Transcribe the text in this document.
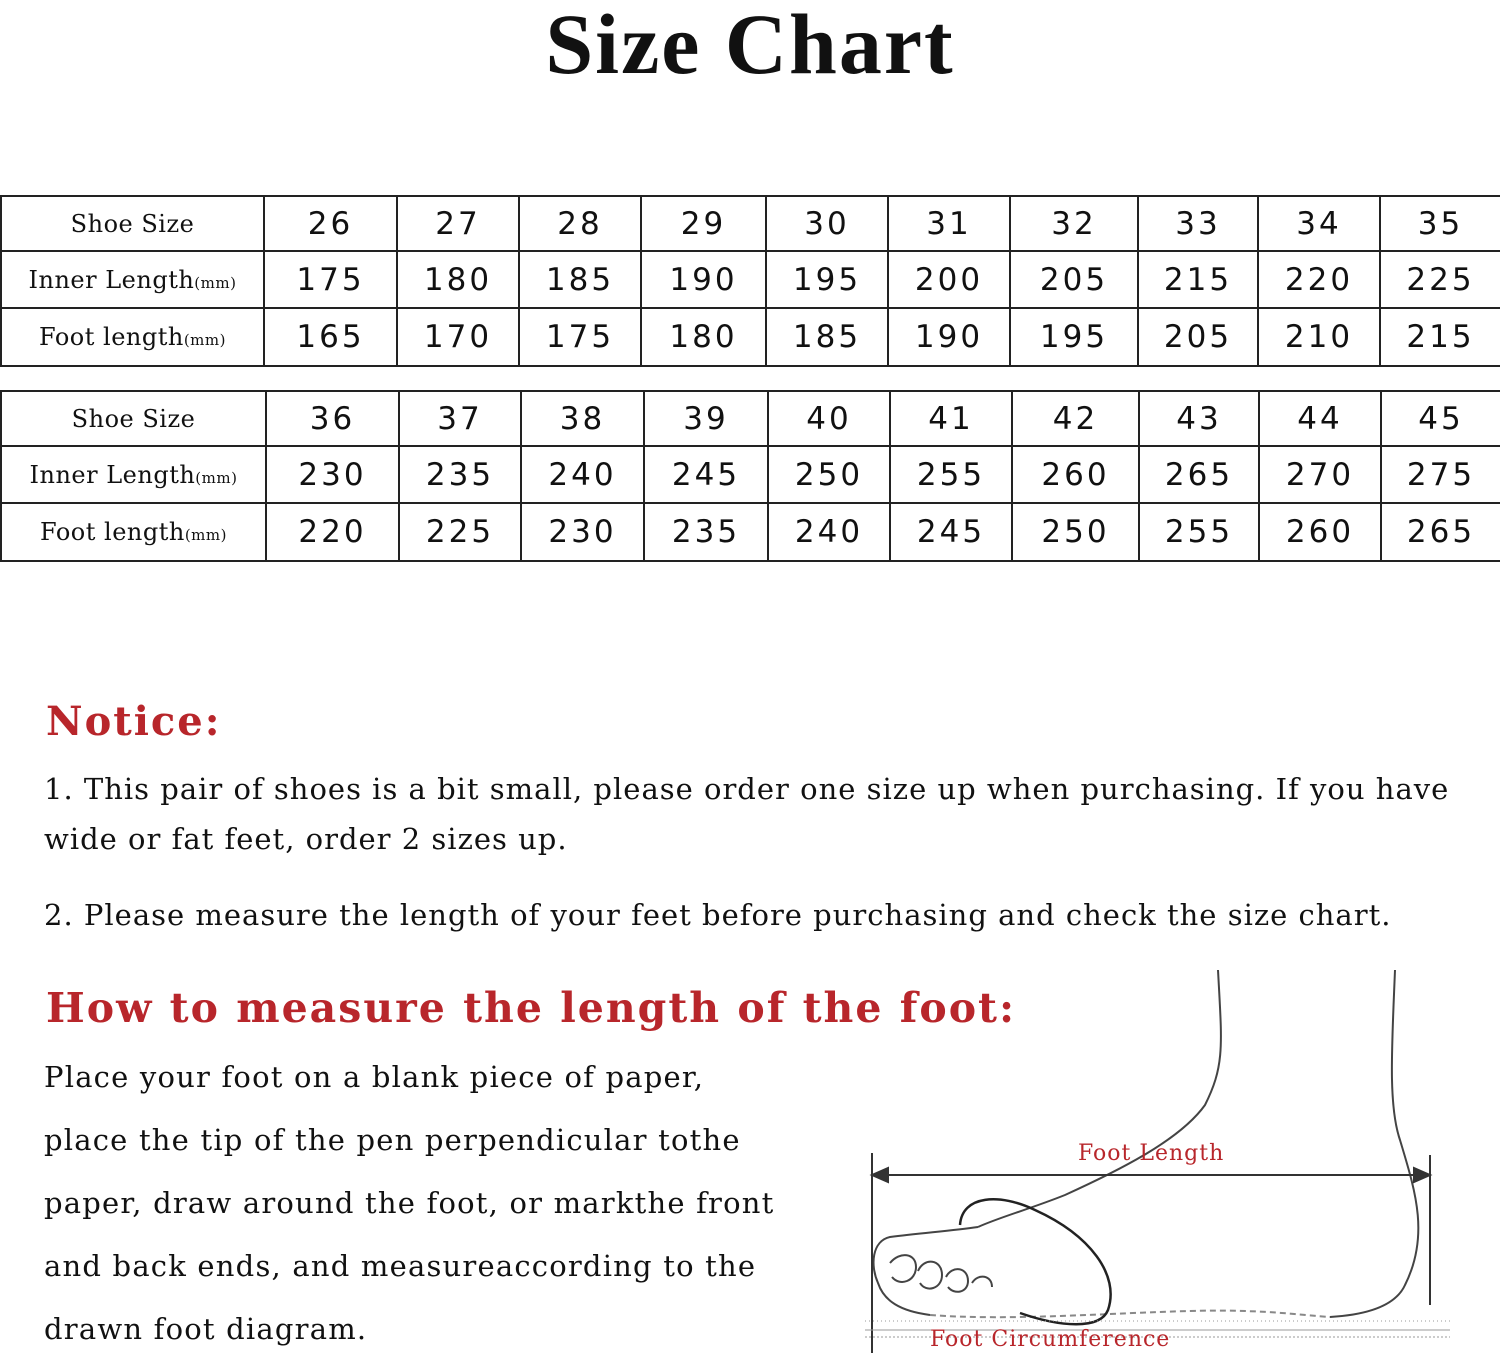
Size Chart
Shoe Size	26	27	28	29	30	31	32	33	34	35
Inner Length(mm)	175	180	185	190	195	200	205	215	220	225
Foot length(mm)	165	170	175	180	185	190	195	205	210	215
Shoe Size	36	37	38	39	40	41	42	43	44	45
Inner Length(mm)	230	235	240	245	250	255	260	265	270	275
Foot length(mm)	220	225	230	235	240	245	250	255	260	265
Notice:
1. This pair of shoes is a bit small, please order one size up when purchasing. If you have wide or fat feet, order 2 sizes up.
2. Please measure the length of your feet before purchasing and check the size chart.
How to measure the length of the foot:
Place your foot on a blank piece of paper,
place the tip of the pen perpendicular tothe
paper, draw around the foot, or markthe front
and back ends, and measureaccording to the
drawn foot diagram.
Foot Length
Foot Circumference
